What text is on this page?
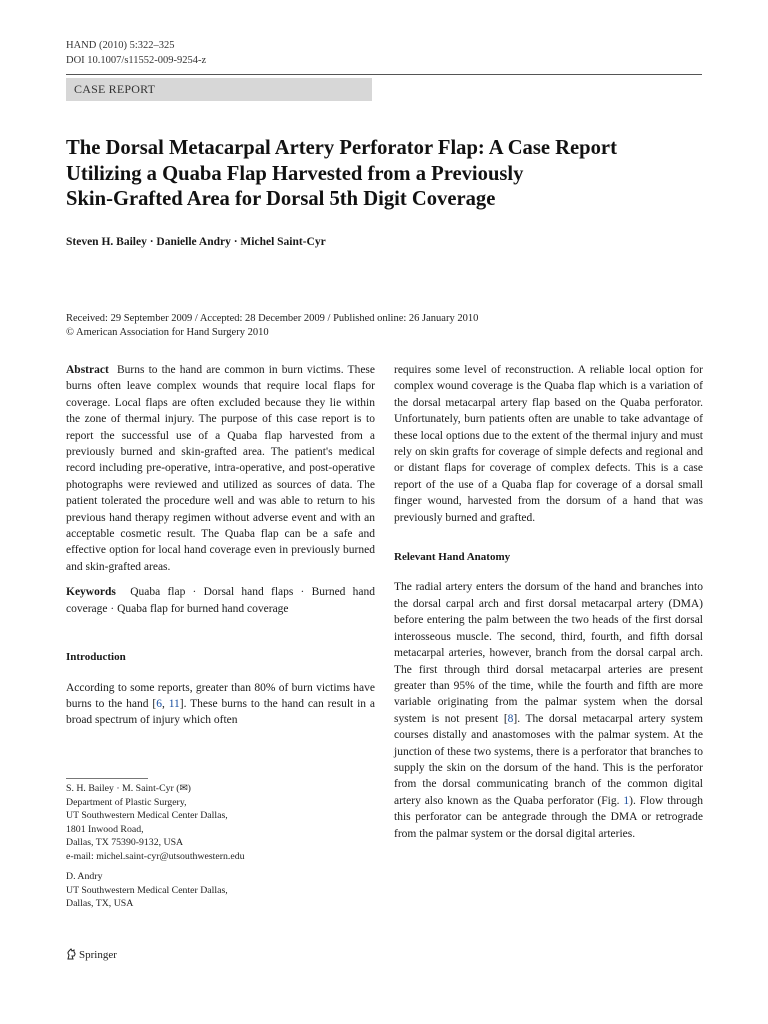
HAND (2010) 5:322–325
DOI 10.1007/s11552-009-9254-z
CASE REPORT
The Dorsal Metacarpal Artery Perforator Flap: A Case Report
Utilizing a Quaba Flap Harvested from a Previously
Skin-Grafted Area for Dorsal 5th Digit Coverage
Steven H. Bailey · Danielle Andry · Michel Saint-Cyr
Received: 29 September 2009 / Accepted: 28 December 2009 / Published online: 26 January 2010
© American Association for Hand Surgery 2010

Abstract Burns to the hand are common in burn victims. These burns often leave complex wounds that require local flaps for coverage. Local flaps are often excluded because they lie within the zone of thermal injury. The purpose of this case report is to report the successful use of a Quaba flap harvested from a previously burned and skin-grafted area. The patient's medical record including pre-operative, intra-operative, and post-operative photographs were reviewed and utilized as sources of data. The patient tolerated the procedure well and was able to return to his previous hand therapy regimen without adverse event and with an acceptable cosmetic result. The Quaba flap can be a safe and effective option for local hand coverage even in previously burned and skin-grafted areas.

Keywords Quaba flap · Dorsal hand flaps · Burned hand coverage · Quaba flap for burned hand coverage

Introduction

According to some reports, greater than 80% of burn victims have burns to the hand [6, 11]. These burns to the hand can result in a broad spectrum of injury which often

requires some level of reconstruction. A reliable local option for complex wound coverage is the Quaba flap which is a variation of the dorsal metacarpal artery flap based on the Quaba perforator. Unfortunately, burn patients often are unable to take advantage of these local options due to the extent of the thermal injury and must rely on skin grafts for coverage of simple defects and regional and or distant flaps for coverage of complex defects. This is a case report of the use of a Quaba flap for coverage of a dorsal small finger wound, harvested from the dorsum of a hand that was previously burned and grafted.

Relevant Hand Anatomy

The radial artery enters the dorsum of the hand and branches into the dorsal carpal arch and first dorsal metacarpal artery (DMA) before entering the palm between the two heads of the first dorsal interosseous muscle. The second, third, fourth, and fifth dorsal metacarpal arteries, however, branch from the dorsal carpal arch. The first through third dorsal metacarpal arteries are present greater than 95% of the time, while the fourth and fifth are more variable originating from the palmar system when the dorsal system is not present [8]. The dorsal metacarpal artery system courses distally and anastomoses with the palmar system. At the junction of these two systems, there is a perforator that branches to supply the skin on the dorsum of the hand. This is the perforator from the dorsal communicating branch of the common digital artery also known as the Quaba perforator (Fig. 1). Flow through this perforator can be antegrade through the DMA or retrograde from the palmar system or the dorsal digital arteries.

S. H. Bailey · M. Saint-Cyr (✉)
Department of Plastic Surgery,
UT Southwestern Medical Center Dallas,
1801 Inwood Road,
Dallas, TX 75390-9132, USA
e-mail: michel.saint-cyr@utsouthwestern.edu
D. Andry
UT Southwestern Medical Center Dallas,
Dallas, TX, USA
Springer
